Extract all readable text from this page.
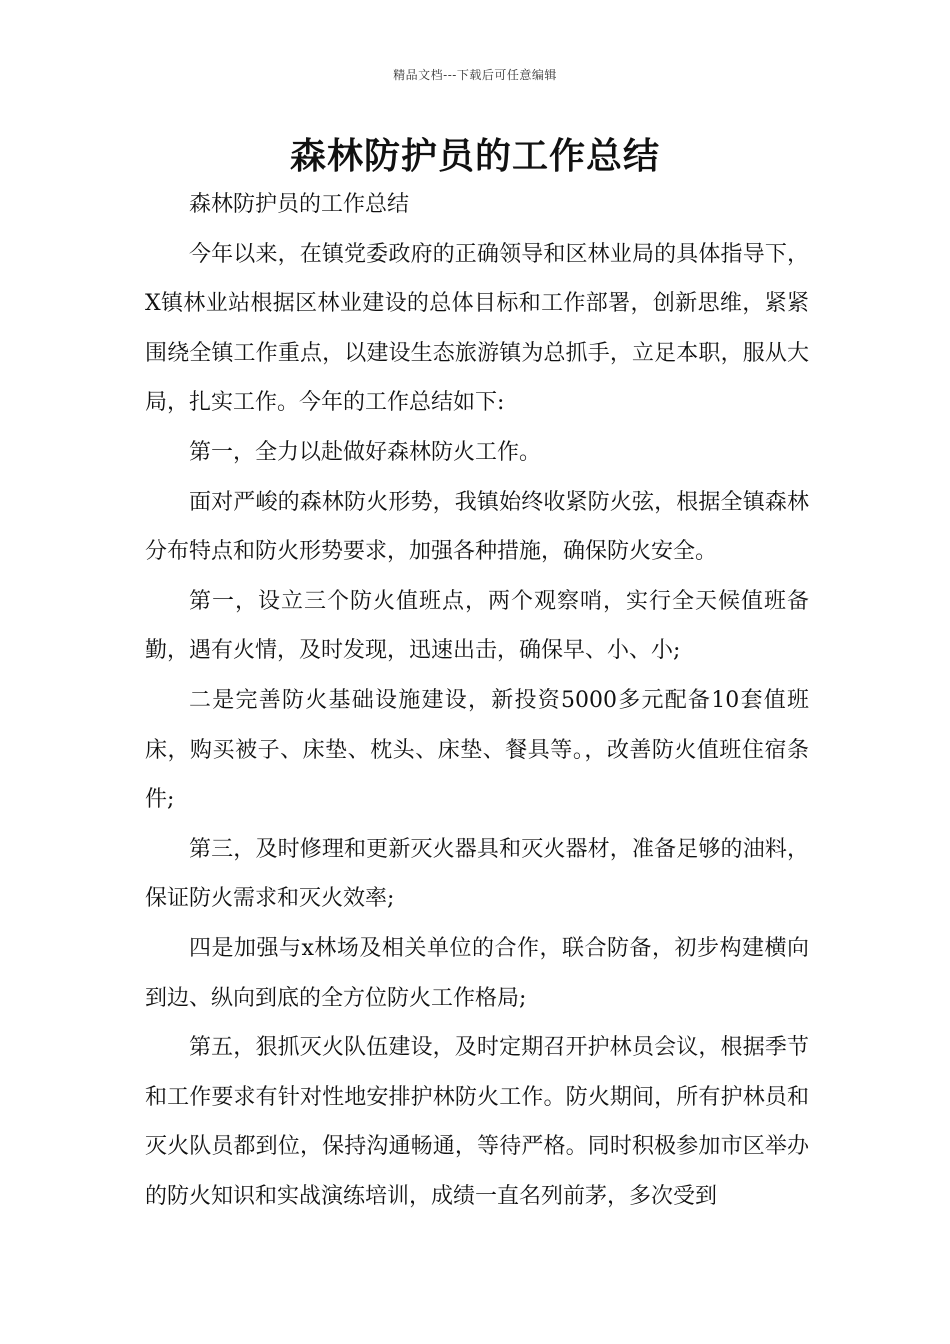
精品文档---下载后可任意编辑
森林防护员的工作总结

森林防护员的工作总结

今年以来，在镇党委政府的正确领导和区林业局的具体指导下，X镇林业站根据区林业建设的总体目标和工作部署，创新思维，紧紧围绕全镇工作重点，以建设生态旅游镇为总抓手，立足本职，服从大局，扎实工作。今年的工作总结如下:

第一，全力以赴做好森林防火工作。

面对严峻的森林防火形势，我镇始终收紧防火弦，根据全镇森林分布特点和防火形势要求，加强各种措施，确保防火安全。

第一，设立三个防火值班点，两个观察哨，实行全天候值班备勤，遇有火情，及时发现，迅速出击，确保早、小、小;

二是完善防火基础设施建设，新投资5000多元配备10套值班床，购买被子、床垫、枕头、床垫、餐具等。，改善防火值班住宿条件;

第三，及时修理和更新灭火器具和灭火器材，准备足够的油料，保证防火需求和灭火效率;

四是加强与x林场及相关单位的合作，联合防备，初步构建横向到边、纵向到底的全方位防火工作格局;

第五，狠抓灭火队伍建设，及时定期召开护林员会议，根据季节和工作要求有针对性地安排护林防火工作。防火期间，所有护林员和灭火队员都到位，保持沟通畅通，等待严格。同时积极参加市区举办的防火知识和实战演练培训，成绩一直名列前茅，多次受到
